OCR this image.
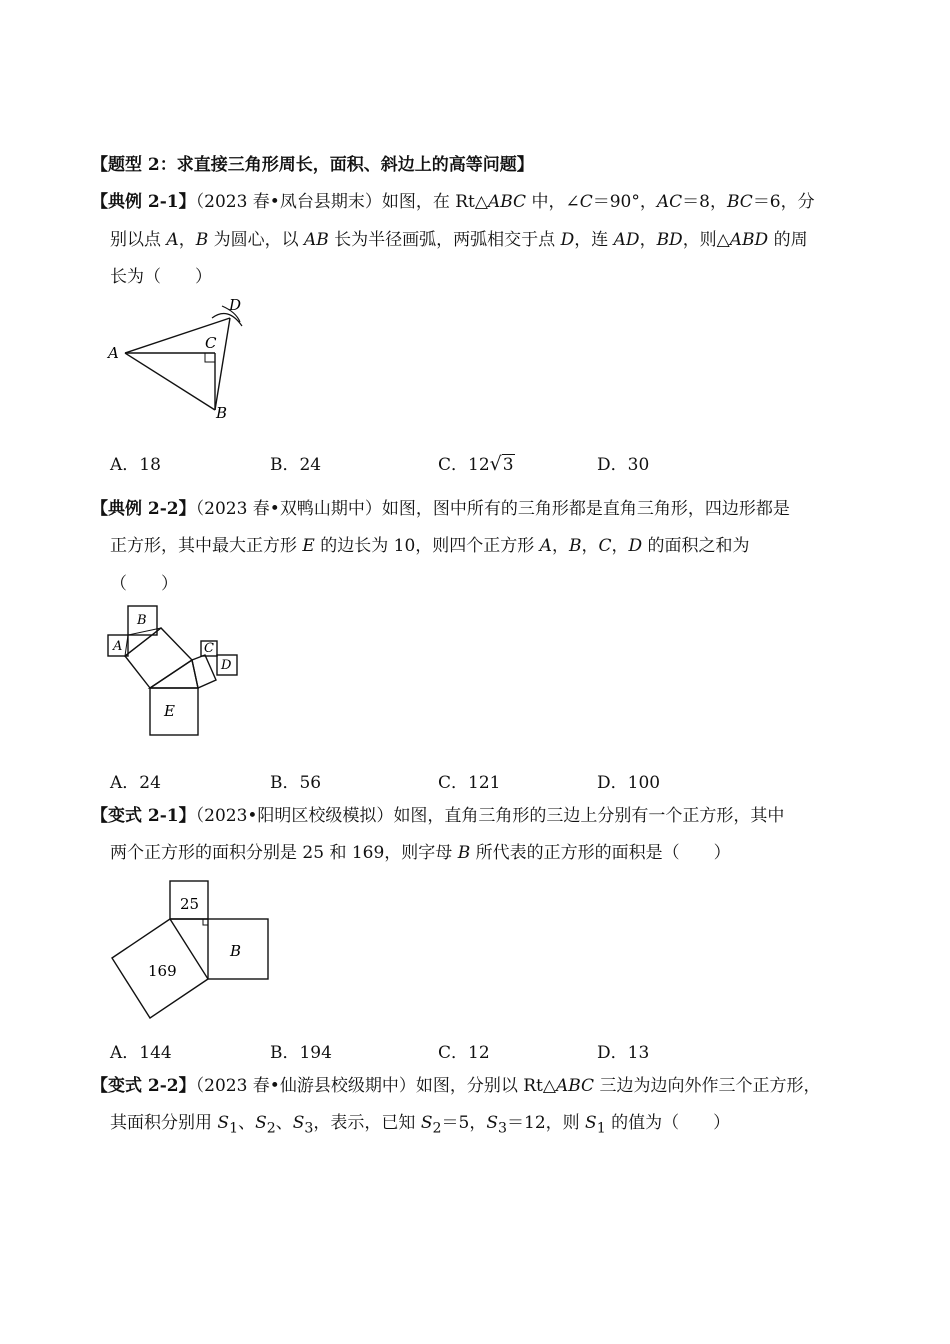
【题型 2：求直接三角形周长，面积、斜边上的高等问题】
【典例 2-1】（2023 春•凤台县期末）如图，在 Rt△ABC 中，∠C＝90°，AC＝8，BC＝6，分
别以点 A，B 为圆心，以 AB 长为半径画弧，两弧相交于点 D，连 AD，BD，则△ABD 的周
长为（　　）
A
C
D
B
A．18	B．24	C．12√3	D．30
【典例 2-2】（2023 春•双鸭山期中）如图，图中所有的三角形都是直角三角形，四边形都是
正方形，其中最大正方形 E 的边长为 10，则四个正方形 A，B，C，D 的面积之和为
（　　）
A
B
C
D
E
A．24	B．56	C．121	D．100
【变式 2-1】（2023•阳明区校级模拟）如图，直角三角形的三边上分别有一个正方形，其中
两个正方形的面积分别是 25 和 169，则字母 B 所代表的正方形的面积是（　　）
25
169
B
A．144	B．194	C．12	D．13
【变式 2-2】（2023 春•仙游县校级期中）如图，分别以 Rt△ABC 三边为边向外作三个正方形，
其面积分别用 $S_1$、$S_2$、$S_3$，表示，已知 $S_2=5$，$S_3=12$，则 $S_1$ 的值为（　　）
